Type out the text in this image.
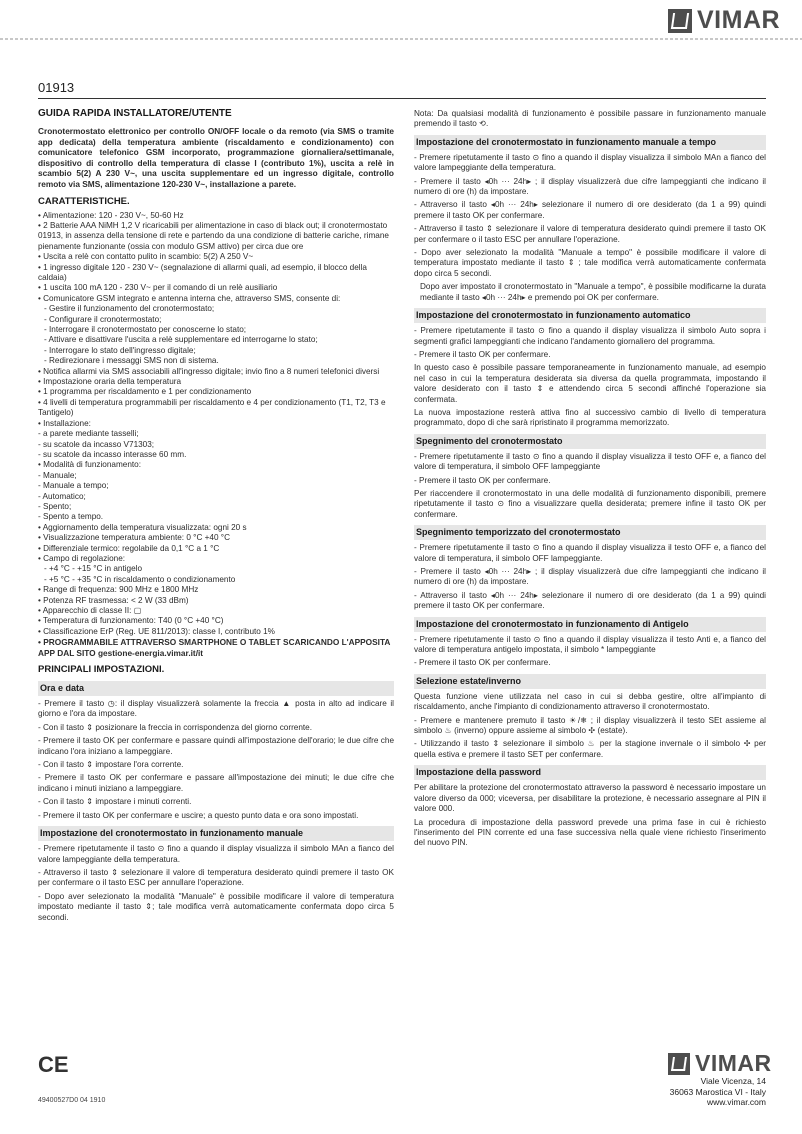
VIMAR
01913
GUIDA RAPIDA INSTALLATORE/UTENTE
Cronotermostato elettronico per controllo ON/OFF locale o da remoto (via SMS o tramite app dedicata) della temperatura ambiente (riscaldamento e condizionamento) con comunicatore telefonico GSM incorporato, programmazione giornaliera/settimanale, dispositivo di controllo della temperatura di classe I (contributo 1%), uscita a relè in scambio 5(2) A 230 V~, una uscita supplementare ed un ingresso digitale, controllo remoto via SMS, alimentazione 120-230 V~, installazione a parete.
CARATTERISTICHE.
• Alimentazione: 120 - 230 V~, 50-60 Hz
• 2 Batterie AAA NiMH 1,2 V ricaricabili per alimentazione in caso di black out; il cronotermostato 01913, in assenza della tensione di rete e partendo da una condizione di batterie cariche, rimane pienamente funzionante (ossia con modulo GSM attivo) per circa due ore
• Uscita a relè con contatto pulito in scambio: 5(2) A 250 V~
• 1 ingresso digitale 120 - 230 V~ (segnalazione di allarmi quali, ad esempio, il blocco della caldaia)
• 1 uscita 100 mA 120 - 230 V~ per il comando di un relè ausiliario
• Comunicatore GSM integrato e antenna interna che, attraverso SMS, consente di:
- Gestire il funzionamento del cronotermostato;
- Configurare il cronotermostato;
- Interrogare il cronotermostato per conoscerne lo stato;
- Attivare e disattivare l'uscita a relè supplementare ed interrogarne lo stato;
- Interrogare lo stato dell'ingresso digitale;
- Redirezionare i messaggi SMS non di sistema.
• Notifica allarmi via SMS associabili all'ingresso digitale; invio fino a 8 numeri telefonici diversi
• Impostazione oraria della temperatura
• 1 programma per riscaldamento e 1 per condizionamento
• 4 livelli di temperatura programmabili per riscaldamento e 4 per condizionamento (T1, T2, T3 e Tantigelo)
• Installazione:
- a parete mediante tasselli;
- su scatole da incasso V71303;
- su scatole da incasso interasse 60 mm.
• Modalità di funzionamento:
- Manuale;
- Manuale a tempo;
- Automatico;
- Spento;
- Spento a tempo.
• Aggiornamento della temperatura visualizzata: ogni 20 s
• Visualizzazione temperatura ambiente: 0 °C +40 °C
• Differenziale termico: regolabile da 0,1 °C a 1 °C
• Campo di regolazione:
- +4 °C - +15 °C in antigelo
- +5 °C - +35 °C in riscaldamento o condizionamento
• Range di frequenza: 900 MHz e 1800 MHz
• Potenza RF trasmessa: < 2 W (33 dBm)
• Apparecchio di classe II: ▢
• Temperatura di funzionamento: T40 (0 °C +40 °C)
• Classificazione ErP (Reg. UE 811/2013): classe I, contributo 1%
• PROGRAMMABILE ATTRAVERSO SMARTPHONE O TABLET SCARICANDO L'APPOSITA APP DAL SITO gestione-energia.vimar.it/it
PRINCIPALI IMPOSTAZIONI.
Ora e data
- Premere il tasto ◷: il display visualizzerà solamente la freccia ▲ posta in alto ad indicare il giorno e l'ora da impostare.
- Con il tasto ⇕ posizionare la freccia in corrispondenza del giorno corrente.
- Premere il tasto OK per confermare e passare quindi all'impostazione dell'orario; le due cifre che indicano l'ora iniziano a lampeggiare.
- Con il tasto ⇕ impostare l'ora corrente.
- Premere il tasto OK per confermare e passare all'impostazione dei minuti; le due cifre che indicano i minuti iniziano a lampeggiare.
- Con il tasto ⇕ impostare i minuti correnti.
- Premere il tasto OK per confermare e uscire; a questo punto data e ora sono impostati.
Impostazione del cronotermostato in funzionamento manuale
- Premere ripetutamente il tasto ⊙ fino a quando il display visualizza il simbolo MAn a fianco del valore lampeggiante della temperatura.
- Attraverso il tasto ⇕ selezionare il valore di temperatura desiderato quindi premere il tasto OK per confermare o il tasto ESC per annullare l'operazione.
- Dopo aver selezionato la modalità "Manuale" è possibile modificare il valore di temperatura impostato mediante il tasto ⇕; tale modifica verrà automaticamente confermata dopo circa 5 secondi.
Nota: Da qualsiasi modalità di funzionamento è possibile passare in funzionamento manuale premendo il tasto ⟲.
Impostazione del cronotermostato in funzionamento manuale a tempo
- Premere ripetutamente il tasto ⊙ fino a quando il display visualizza il simbolo MAn a fianco del valore lampeggiante della temperatura.
- Premere il tasto ◂0h ··· 24h▸ ; il display visualizzerà due cifre lampeggianti che indicano il numero di ore (h) da impostare.
- Attraverso il tasto ◂0h ··· 24h▸ selezionare il numero di ore desiderato (da 1 a 99) quindi premere il tasto OK per confermare.
- Attraverso il tasto ⇕ selezionare il valore di temperatura desiderato quindi premere il tasto OK per confermare o il tasto ESC per annullare l'operazione.
- Dopo aver selezionato la modalità "Manuale a tempo" è possibile modificare il valore di temperatura impostato mediante il tasto ⇕ ; tale modifica verrà automaticamente confermata dopo circa 5 secondi.
Dopo aver impostato il cronotermostato in "Manuale a tempo", è possibile modificarne la durata mediante il tasto ◂0h ··· 24h▸ e premendo poi OK per confermare.
Impostazione del cronotermostato in funzionamento automatico
- Premere ripetutamente il tasto ⊙ fino a quando il display visualizza il simbolo Auto sopra i segmenti grafici lampeggianti che indicano l'andamento giornaliero del programma.
- Premere il tasto OK per confermare.
In questo caso è possibile passare temporaneamente in funzionamento manuale, ad esempio nel caso in cui la temperatura desiderata sia diversa da quella programmata, impostando il valore desiderato con il tasto ⇕ e attendendo circa 5 secondi affinché l'operazione sia confermata.
La nuova impostazione resterà attiva fino al successivo cambio di livello di temperatura programmato, dopo di che sarà ripristinato il programma memorizzato.
Spegnimento del cronotermostato
- Premere ripetutamente il tasto ⊙ fino a quando il display visualizza il testo OFF e, a fianco del valore di temperatura, il simbolo OFF lampeggiante
- Premere il tasto OK per confermare.
Per riaccendere il cronotermostato in una delle modalità di funzionamento disponibili, premere ripetutamente il tasto ⊙ fino a visualizzare quella desiderata; premere infine il tasto OK per confermare.
Spegnimento temporizzato del cronotermostato
- Premere ripetutamente il tasto ⊙ fino a quando il display visualizza il testo OFF e, a fianco del valore di temperatura, il simbolo OFF lampeggiante.
- Premere il tasto ◂0h ··· 24h▸ ; il display visualizzerà due cifre lampeggianti che indicano il numero di ore (h) da impostare.
- Attraverso il tasto ◂0h ··· 24h▸ selezionare il numero di ore desiderato (da 1 a 99) quindi premere il tasto OK per confermare.
Impostazione del cronotermostato in funzionamento di Antigelo
- Premere ripetutamente il tasto ⊙ fino a quando il display visualizza il testo Anti e, a fianco del valore di temperatura antigelo impostata, il simbolo * lampeggiante
- Premere il tasto OK per confermare.
Selezione estate/inverno
Questa funzione viene utilizzata nel caso in cui si debba gestire, oltre all'impianto di riscaldamento, anche l'impianto di condizionamento attraverso il cronotermostato.
- Premere e mantenere premuto il tasto ☀/❄ ; il display visualizzerà il testo SEt assieme al simbolo ♨ (inverno) oppure assieme al simbolo ✣ (estate).
- Utilizzando il tasto ⇕ selezionare il simbolo ♨ per la stagione invernale o il simbolo ✣ per quella estiva e premere il tasto SET per confermare.
Impostazione della password
Per abilitare la protezione del cronotermostato attraverso la password è necessario impostare un valore diverso da 000; viceversa, per disabilitare la protezione, è necessario assegnare al PIN il valore 000.
La procedura di impostazione della password prevede una prima fase in cui è richiesto l'inserimento del PIN corrente ed una fase successiva nella quale viene richiesto l'inserimento del nuovo PIN.
CE
49400527D0 04 1910
VIMAR
Viale Vicenza, 14
36063 Marostica VI - Italy
www.vimar.com
